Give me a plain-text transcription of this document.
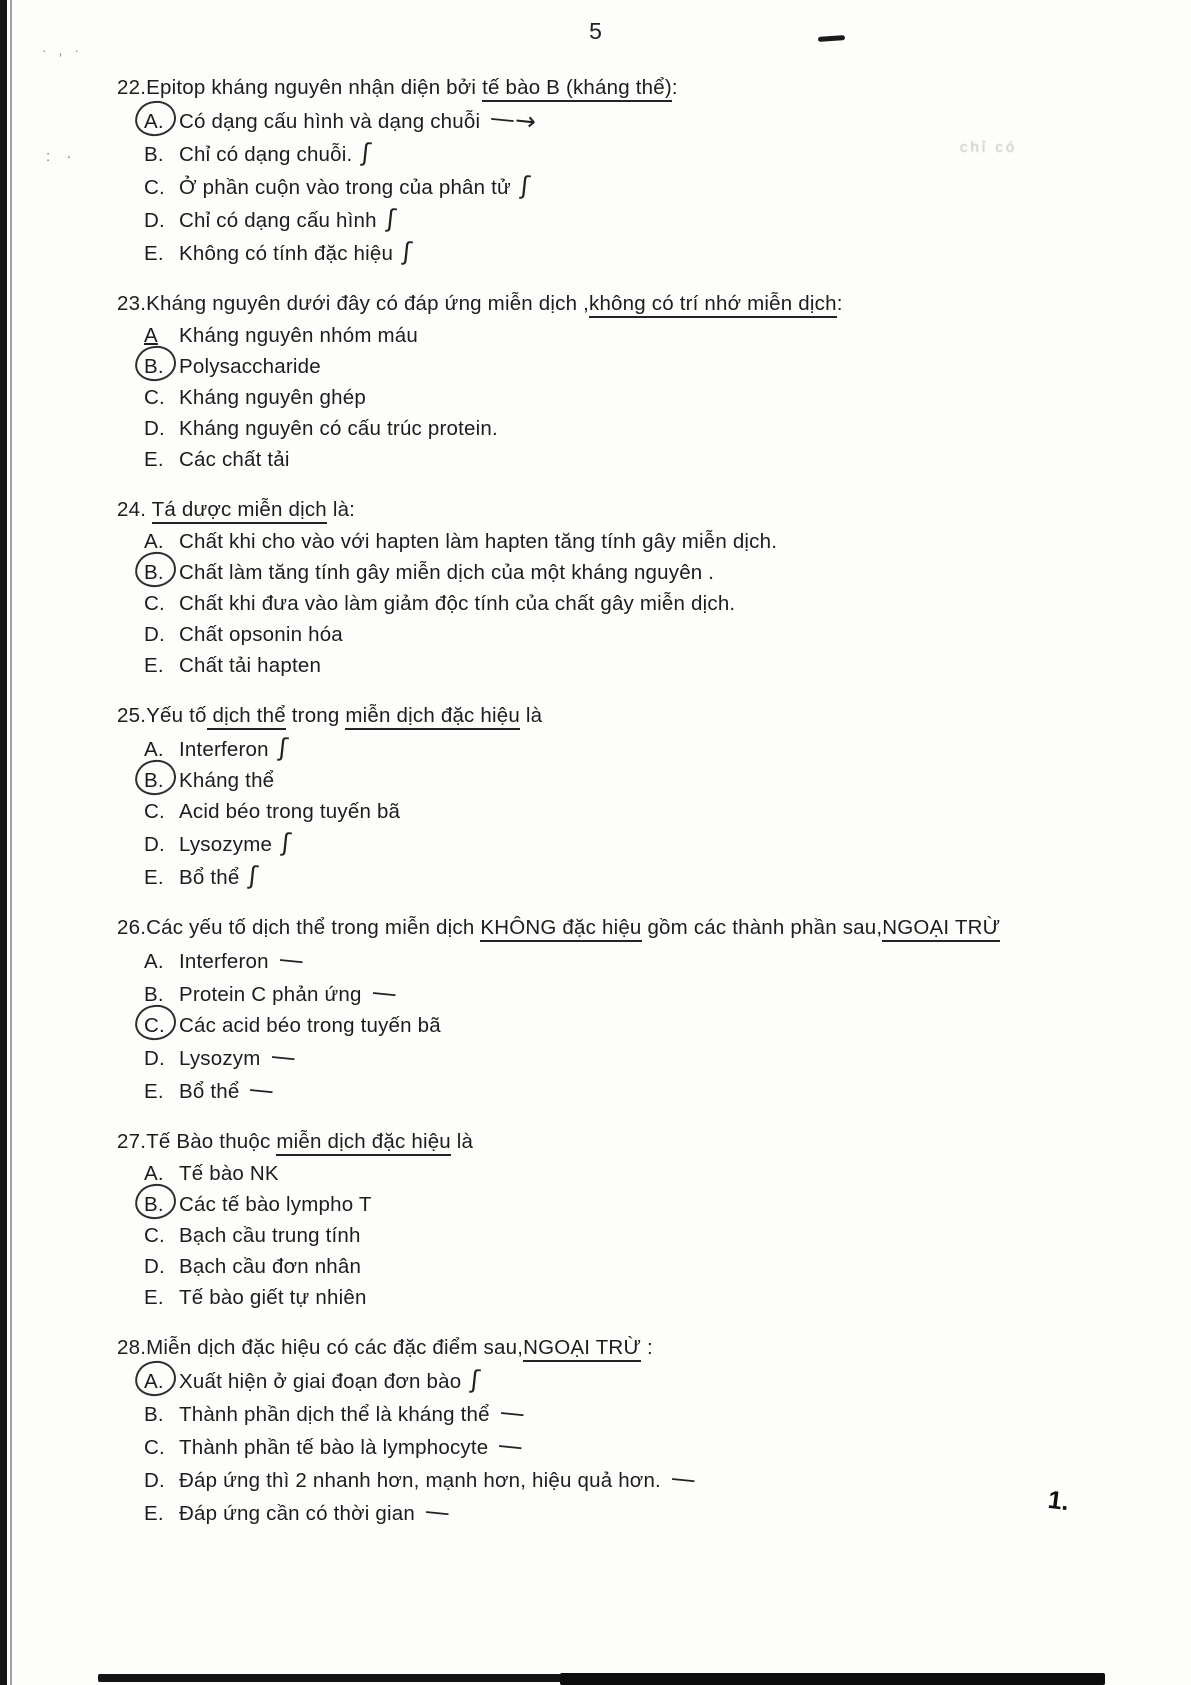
5
· , ·
: ·
chỉ có
22.Epitop kháng nguyên nhận diện bởi tế bào B (kháng thể):
A. Có dạng cấu hình và dạng chuỗi —→
B. Chỉ có dạng chuỗi. ʃ
C. Ở phần cuộn vào trong của phân tử ʃ
D. Chỉ có dạng cấu hình ʃ
E. Không có tính đặc hiệu ʃ
23.Kháng nguyên dưới đây có đáp ứng miễn dịch ,không có trí nhớ miễn dịch:
A	Kháng nguyên nhóm máu
B. Polysaccharide
C. Kháng nguyên ghép
D. Kháng nguyên có cấu trúc protein.
E. Các chất tải
24. Tá dược miễn dịch là:
A. Chất khi cho vào với hapten làm hapten tăng tính gây miễn dịch.
B. Chất làm tăng tính gây miễn dịch của một kháng nguyên .
C. Chất khi đưa vào làm giảm độc tính của chất gây miễn dịch.
D. Chất opsonin hóa
E. Chất tải hapten
25.Yếu tố dịch thể trong miễn dịch đặc hiệu là
A. Interferon ʃ
B. Kháng thể
C. Acid béo trong tuyến bã
D. Lysozyme ʃ
E. Bổ thể ʃ
26.Các yếu tố dịch thể trong miễn dịch KHÔNG đặc hiệu gồm các thành phần sau,NGOẠI TRỪ
A. Interferon —
B. Protein C phản ứng —
C. Các acid béo trong tuyến bã
D. Lysozym —
E. Bổ thể —
27.Tế Bào thuộc miễn dịch đặc hiệu là
A. Tế bào NK
B. Các tế bào lympho T
C. Bạch cầu trung tính
D. Bạch cầu đơn nhân
E. Tế bào giết tự nhiên
28.Miễn dịch đặc hiệu có các đặc điểm sau,NGOẠI TRỪ :
A. Xuất hiện ở giai đoạn đơn bào ʃ
B. Thành phần dịch thể là kháng thể —
C. Thành phần tế bào là lymphocyte —
D. Đáp ứng thì 2 nhanh hơn, mạnh hơn, hiệu quả hơn. —
E. Đáp ứng cần có thời gian —	1.
